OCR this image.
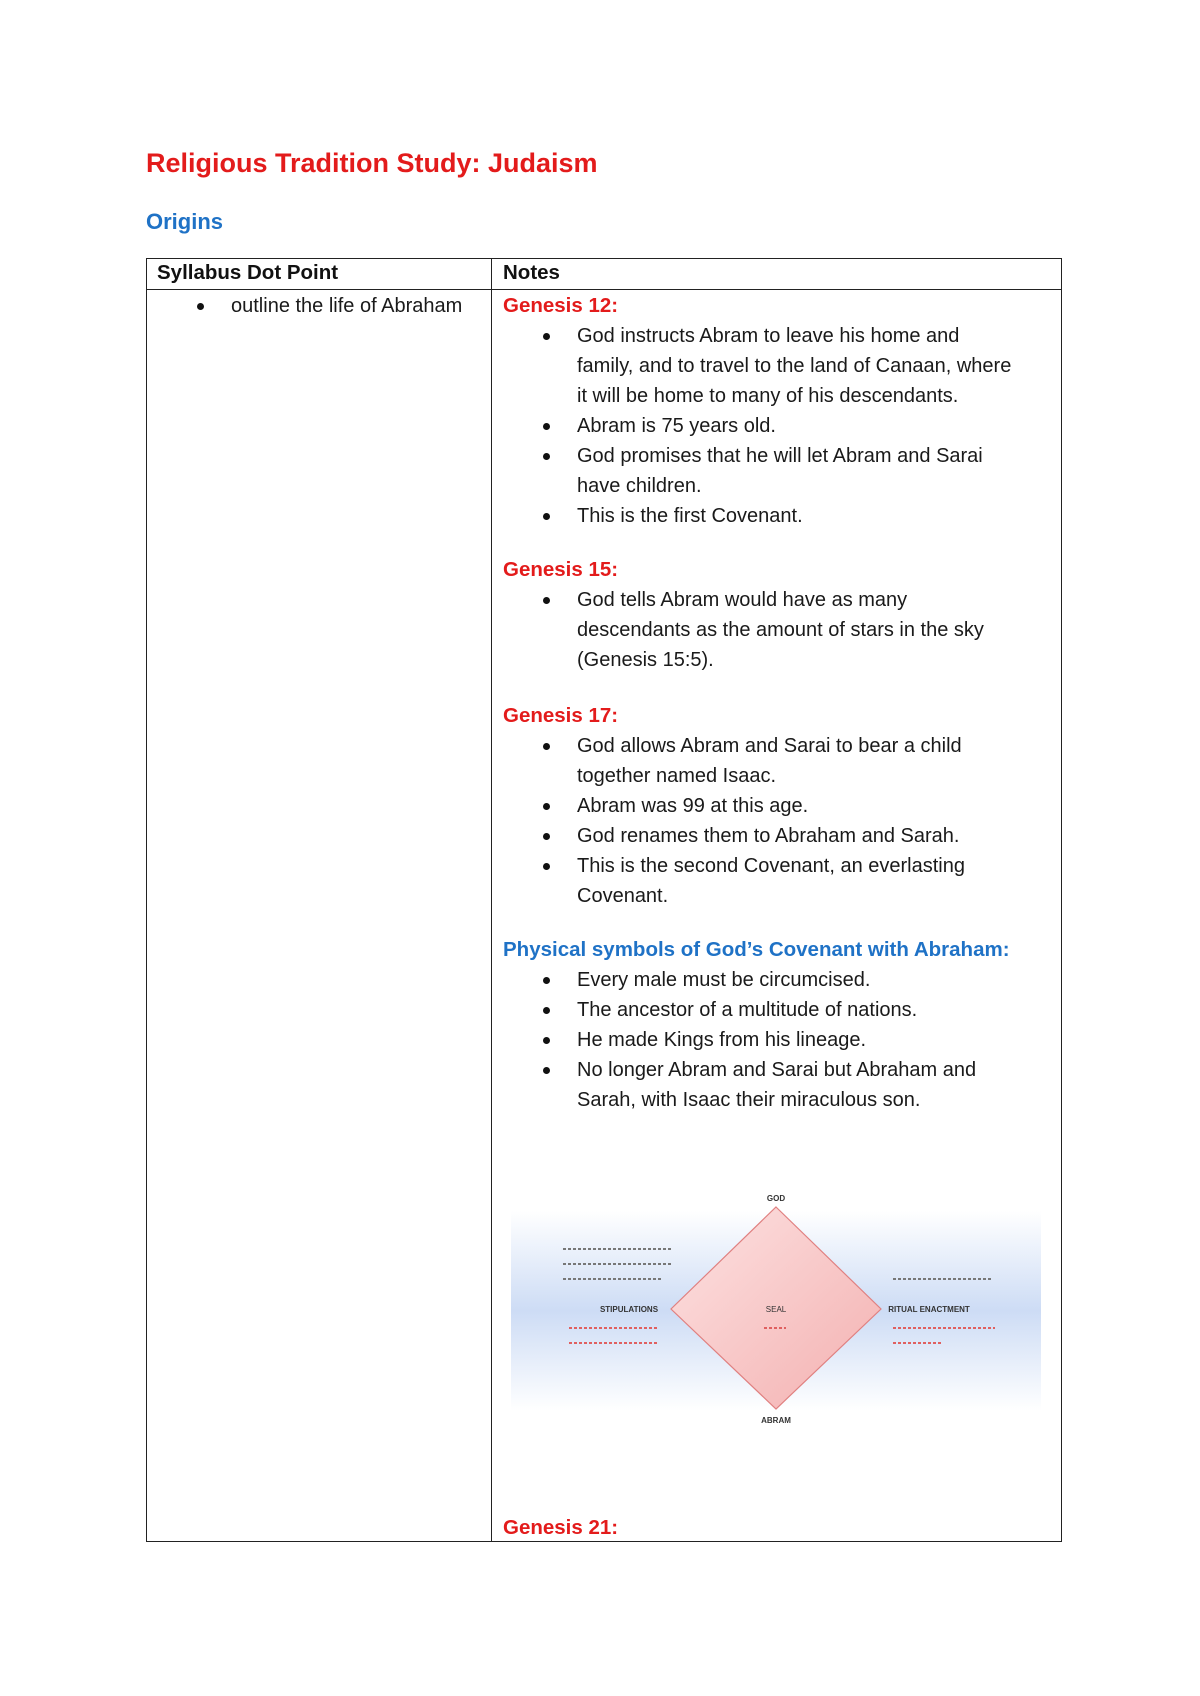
Religious Tradition Study: Judaism
Origins
Syllabus Dot Point	Notes
outline the life of Abraham	Genesis 12:
God instructs Abram to leave his home and family, and to travel to the land of Canaan, where it will be home to many of his descendants.
Abram is 75 years old.
God promises that he will let Abram and Sarai have children.
This is the first Covenant.
Genesis 15:
God tells Abram would have as many descendants as the amount of stars in the sky (Genesis 15:5).
Genesis 17:
God allows Abram and Sarai to bear a child together named Isaac.
Abram was 99 at this age.
God renames them to Abraham and Sarah.
This is the second Covenant, an everlasting Covenant.
Physical symbols of God’s Covenant with Abraham:
Every male must be circumcised.
The ancestor of a multitude of nations.
He made Kings from his lineage.
No longer Abram and Sarai but Abraham and Sarah, with Isaac their miraculous son.
GOD
ABRAM
SEAL
STIPULATIONS	RITUAL ENACTMENT
Genesis 21:
